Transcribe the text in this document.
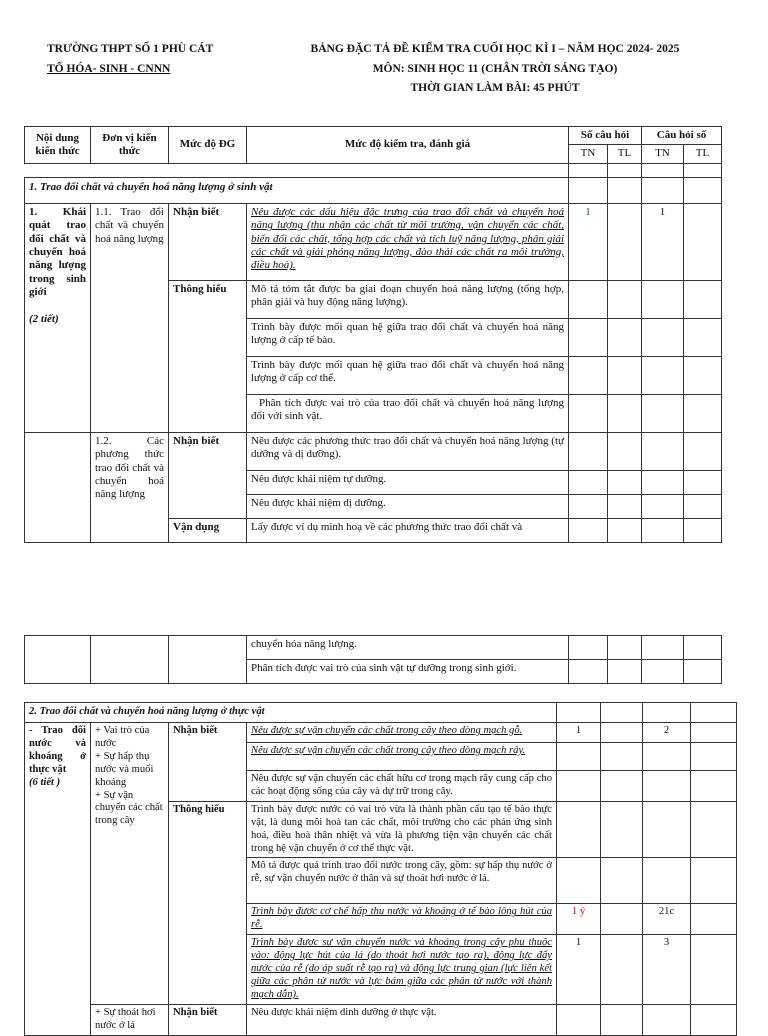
TRƯỜNG THPT SỐ 1 PHÙ CÁT
TỔ HÓA- SINH - CNNN
BẢNG ĐẶC TẢ ĐỀ KIỂM TRA CUỐI HỌC KÌ I – NĂM HỌC 2024- 2025
MÔN: SINH HỌC 11 (CHÂN TRỜI SÁNG TẠO)
THỜI GIAN LÀM BÀI: 45 PHÚT
Nội dung kiến thức	Đơn vị kiến thức	Mức độ ĐG	Mức độ kiểm tra, đánh giá	Số câu hỏi		Câu hỏi số	
				TN	TL	TN	TL

1. Trao đổi chất và chuyển hoá năng lượng ở sinh vật							
1. Khái quát trao đổi chất và chuyển hoá năng lượng trong sinh giới

(2 tiết)	1.1. Trao đổi chất và chuyển hoá năng lượng	Nhận biết	Nêu được các dấu hiệu đặc trưng của trao đổi chất và chuyển hoá năng lượng (thu nhận các chất từ môi trường, vận chuyển các chất, biến đổi các chất, tổng hợp các chất và tích luỹ năng lượng, phân giải các chất và giải phóng năng lượng, đào thải các chất ra môi trường, điều hoà).	1		1	
		Thông hiểu	Mô tả tóm tắt được ba giai đoạn chuyển hoá năng lượng (tổng hợp, phân giải và huy động năng lượng).				
			Trình bày được mối quan hệ giữa trao đổi chất và chuyển hoá năng lượng ở cấp tế bào.				
			Trình bày được mối quan hệ giữa trao đổi chất và chuyển hoá năng lượng ở cấp cơ thể.				
			Phân tích được vai trò của trao đổi chất và chuyển hoá năng lượng đối với sinh vật.				
	1.2. Các phương thức trao đổi chất và chuyển hoá năng lượng	Nhận biết	Nêu được các phương thức trao đổi chất và chuyển hoá năng lượng (tự dưỡng và dị dưỡng).				
			Nêu được khái niệm tự dưỡng.				
			Nêu được khái niệm dị dưỡng.				
		Vận dụng	Lấy được ví dụ minh hoạ về các phương thức trao đổi chất và				
			chuyển hóa năng lượng.				
			Phân tích được vai trò của sinh vật tự dưỡng trong sinh giới.				
2. Trao đổi chất và chuyển hoá năng lượng ở thực vật							
- Trao đổi nước và khoáng ở thực vật
(6 tiết )	+ Vai trò của nước
+ Sự hấp thụ nước và muối khoáng
+ Sự vận chuyển các chất trong cây	Nhận biết	Nêu được sự vận chuyển các chất trong cây theo dòng mạch gỗ.	1		2	
			Nêu được sự vận chuyển các chất trong cây theo dòng mạch rây.				
			Nêu được sự vận chuyển các chất hữu cơ trong mạch rây cung cấp cho các hoạt động sống của cây và dự trữ trong cây.				
		Thông hiểu	Trình bày được nước có vai trò vừa là thành phần cấu tạo tế bào thực vật, là dung môi hoà tan các chất, môi trường cho các phản ứng sinh hoá, điều hoà thân nhiệt và vừa là phương tiện vận chuyển các chất trong hệ vận chuyển ở cơ thể thực vật.				
			Mô tả được quá trình trao đổi nước trong cây, gồm: sự hấp thụ nước ở rễ, sự vận chuyển nước ở thân và sự thoát hơi nước ở lá.				
			Trình bày được cơ chế hấp thu nước và khoáng ở tế bào lông hút của rễ.	1 ý		21c	
			Trình bày được sự vận chuyển nước và khoáng trong cây phụ thuộc vào: động lực hút của lá (do thoát hơi nước tạo ra), động lực đẩy nước của rễ (do áp suất rễ tạo ra) và động lực trung gian (lực liên kết giữa các phân tử nước và lực bám giữa các phân tử nước với thành mạch dẫn).	1		3	
	+ Sự thoát hơi nước ở lá	Nhận biết	Nêu được khái niệm dinh dưỡng ở thực vật.				
